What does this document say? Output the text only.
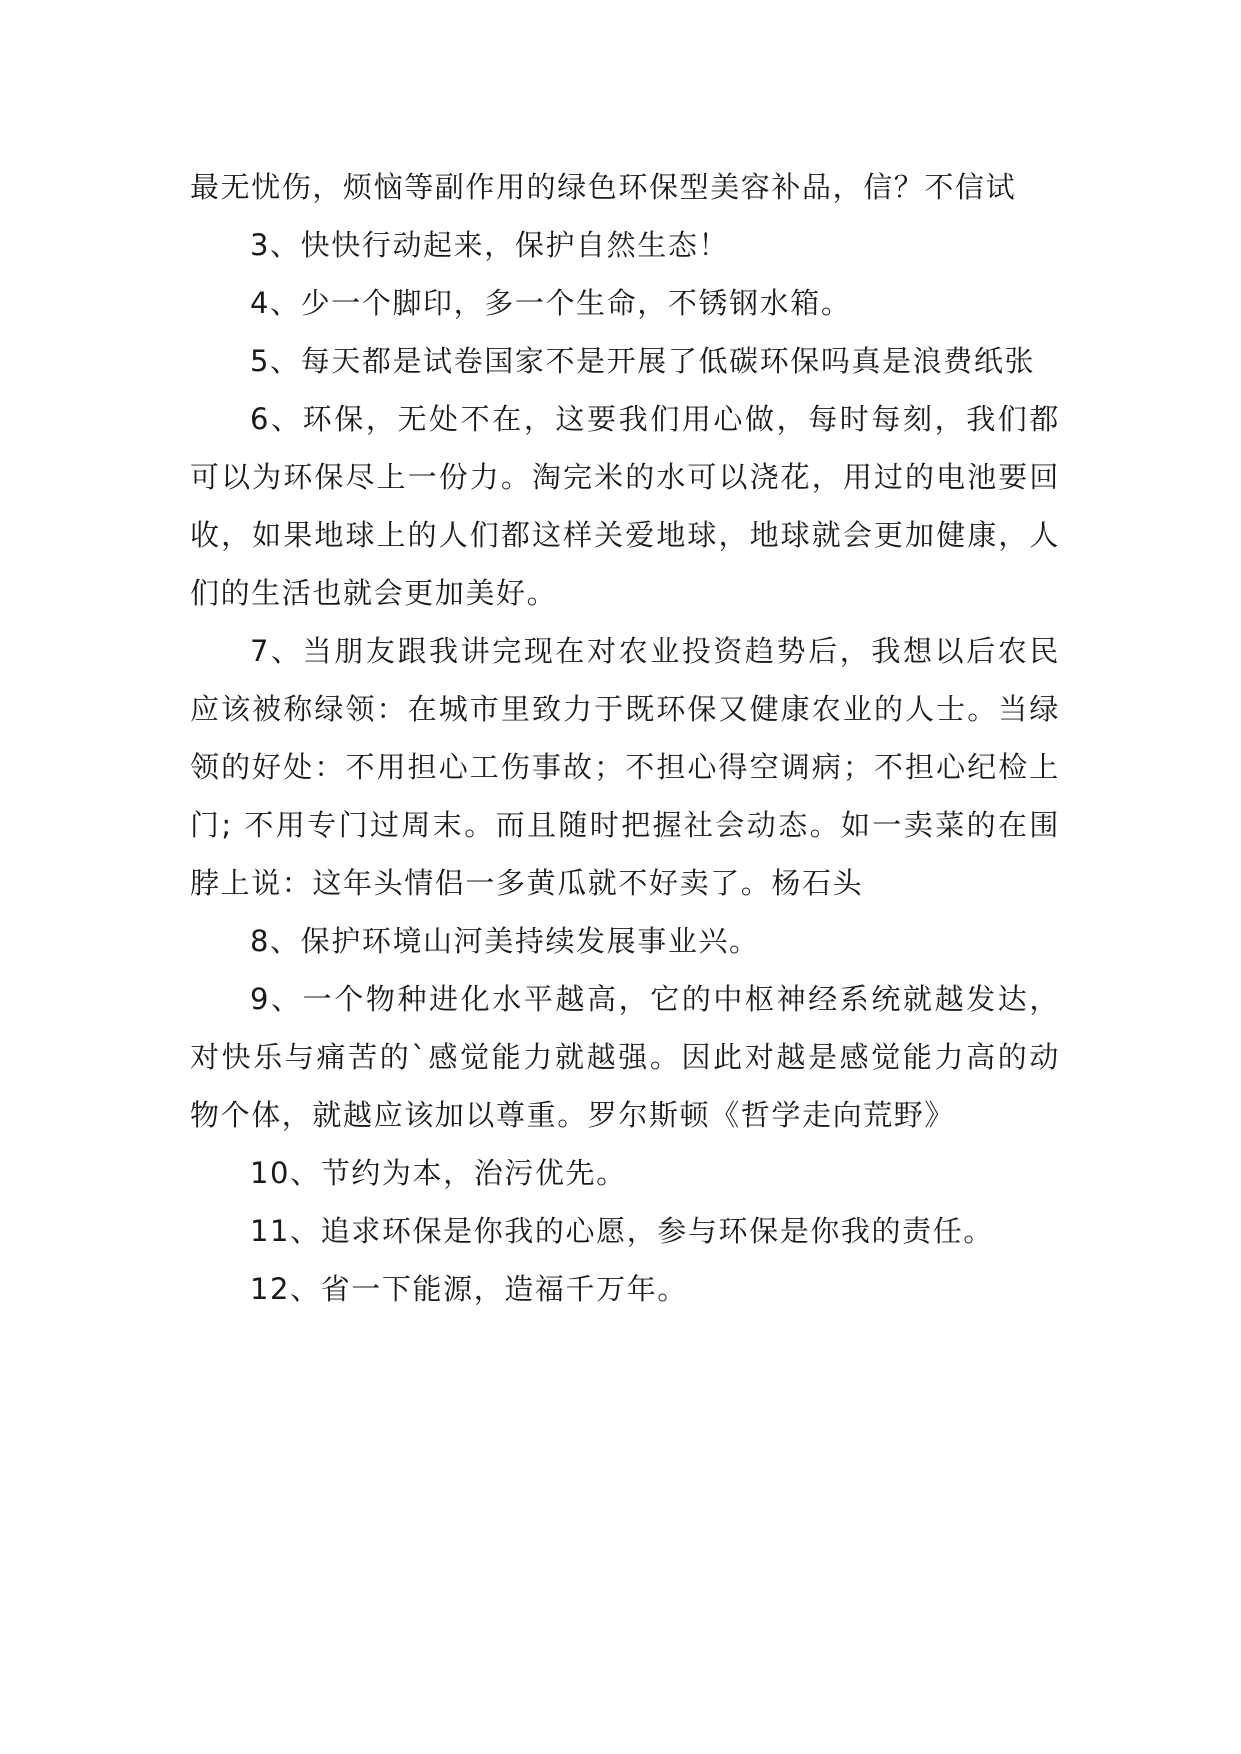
最无忧伤，烦恼等副作用的绿色环保型美容补品，信？不信试

3、快快行动起来，保护自然生态！

4、少一个脚印，多一个生命，不锈钢水箱。

5、每天都是试卷国家不是开展了低碳环保吗真是浪费纸张

6、环保，无处不在，这要我们用心做，每时每刻，我们都可以为环保尽上一份力。淘完米的水可以浇花，用过的电池要回收，如果地球上的人们都这样关爱地球，地球就会更加健康，人们的生活也就会更加美好。

7、当朋友跟我讲完现在对农业投资趋势后，我想以后农民应该被称绿领：在城市里致力于既环保又健康农业的人士。当绿领的好处：不用担心工伤事故；不担心得空调病；不担心纪检上门; 不用专门过周末。而且随时把握社会动态。如一卖菜的在围脖上说：这年头情侣一多黄瓜就不好卖了。杨石头

8、保护环境山河美持续发展事业兴。

9、一个物种进化水平越高，它的中枢神经系统就越发达，对快乐与痛苦的`感觉能力就越强。因此对越是感觉能力高的动物个体，就越应该加以尊重。罗尔斯顿《哲学走向荒野》

10、节约为本，治污优先。

11、追求环保是你我的心愿，参与环保是你我的责任。

12、省一下能源，造福千万年。
